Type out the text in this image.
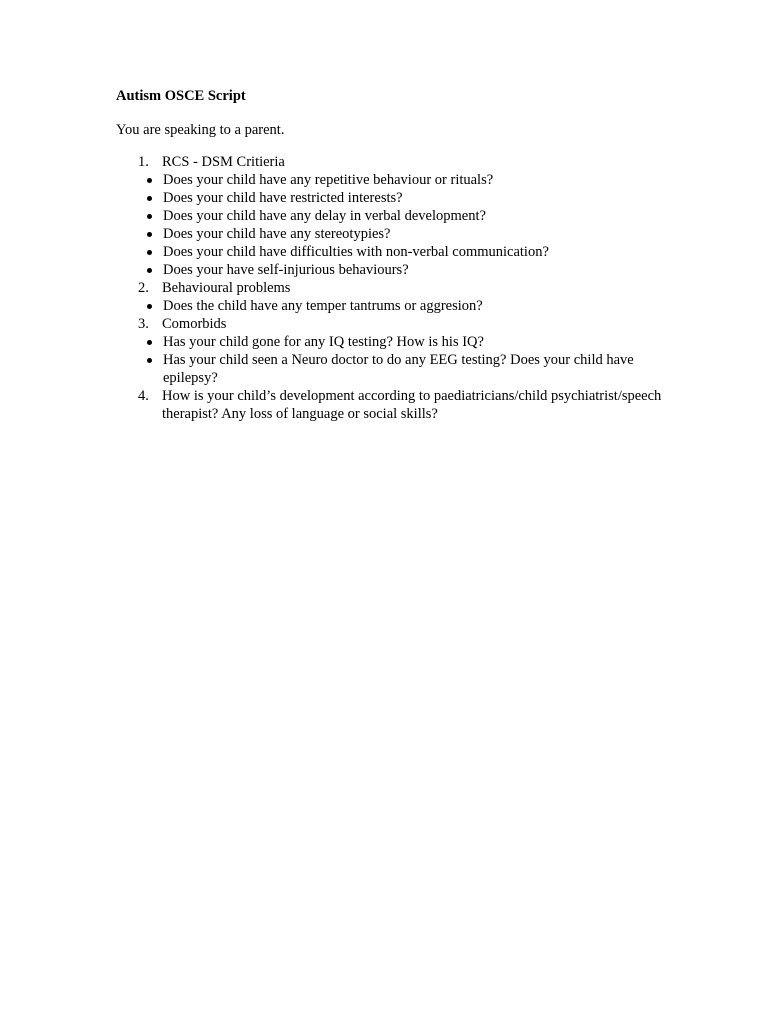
Autism OSCE Script

You are speaking to a parent.

1. RCS - DSM Critieria
Does your child have any repetitive behaviour or rituals?
Does your child have restricted interests?
Does your child have any delay in verbal development?
Does your child have any stereotypies?
Does your child have difficulties with non-verbal communication?
Does your have self-injurious behaviours?
2. Behavioural problems
Does the child have any temper tantrums or aggresion?
3. Comorbids
Has your child gone for any IQ testing? How is his IQ?
Has your child seen a Neuro doctor to do any EEG testing? Does your child have epilepsy?
4. How is your child’s development according to paediatricians/child psychiatrist/speech therapist? Any loss of language or social skills?
